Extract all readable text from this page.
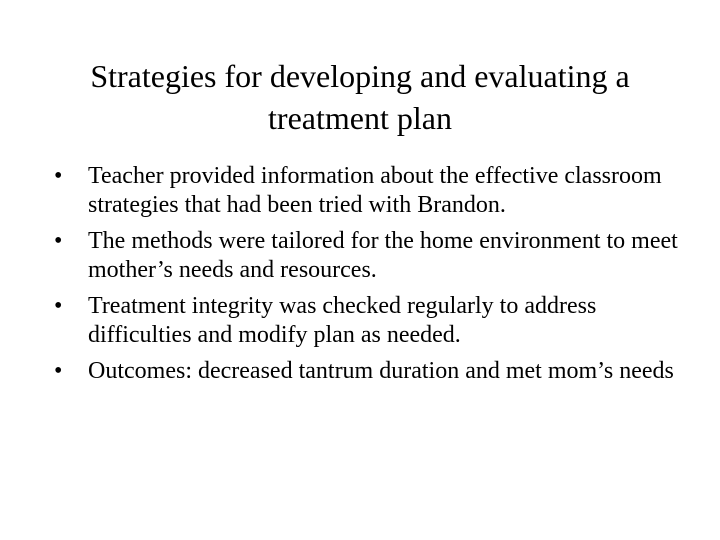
Strategies for developing and evaluating a treatment plan
•	Teacher provided information about the effective classroom strategies that had been tried with Brandon.
•	The methods were tailored for the home environment to meet mother’s needs and resources.
•	Treatment integrity was checked regularly to address difficulties and modify plan as needed.
•	Outcomes: decreased tantrum duration and met mom’s needs
